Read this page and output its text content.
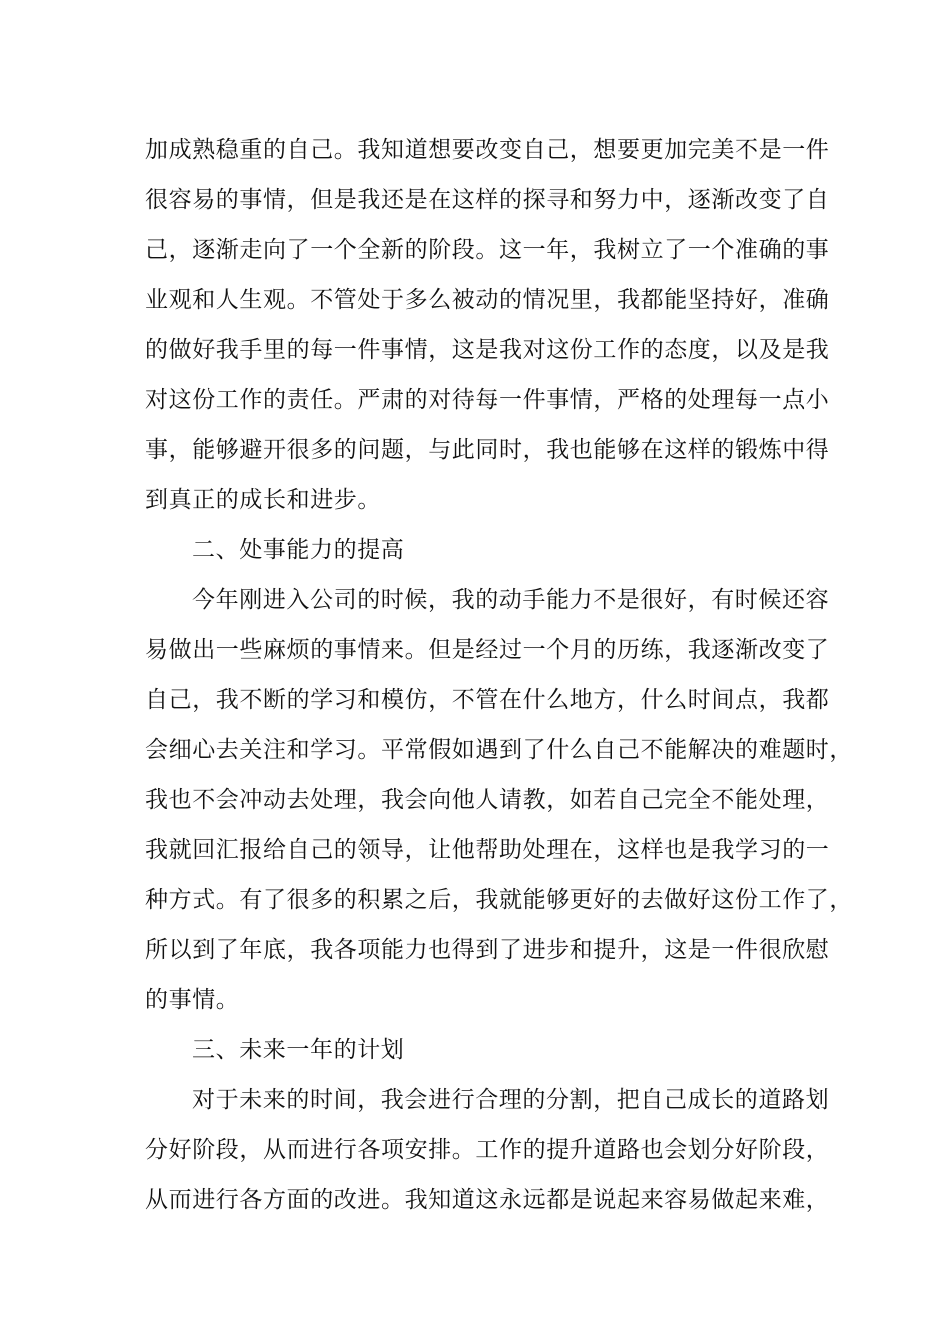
加成熟稳重的自己。我知道想要改变自己，想要更加完美不是一件
很容易的事情，但是我还是在这样的探寻和努力中，逐渐改变了自
己，逐渐走向了一个全新的阶段。这一年，我树立了一个准确的事
业观和人生观。不管处于多么被动的情况里，我都能坚持好，准确
的做好我手里的每一件事情，这是我对这份工作的态度，以及是我
对这份工作的责任。严肃的对待每一件事情，严格的处理每一点小
事，能够避开很多的问题，与此同时，我也能够在这样的锻炼中得
到真正的成长和进步。
二、处事能力的提高
今年刚进入公司的时候，我的动手能力不是很好，有时候还容
易做出一些麻烦的事情来。但是经过一个月的历练，我逐渐改变了
自己，我不断的学习和模仿，不管在什么地方，什么时间点，我都
会细心去关注和学习。平常假如遇到了什么自己不能解决的难题时，
我也不会冲动去处理，我会向他人请教，如若自己完全不能处理，
我就回汇报给自己的领导，让他帮助处理在，这样也是我学习的一
种方式。有了很多的积累之后，我就能够更好的去做好这份工作了，
所以到了年底，我各项能力也得到了进步和提升，这是一件很欣慰
的事情。
三、未来一年的计划
对于未来的时间，我会进行合理的分割，把自己成长的道路划
分好阶段，从而进行各项安排。工作的提升道路也会划分好阶段，
从而进行各方面的改进。我知道这永远都是说起来容易做起来难，
